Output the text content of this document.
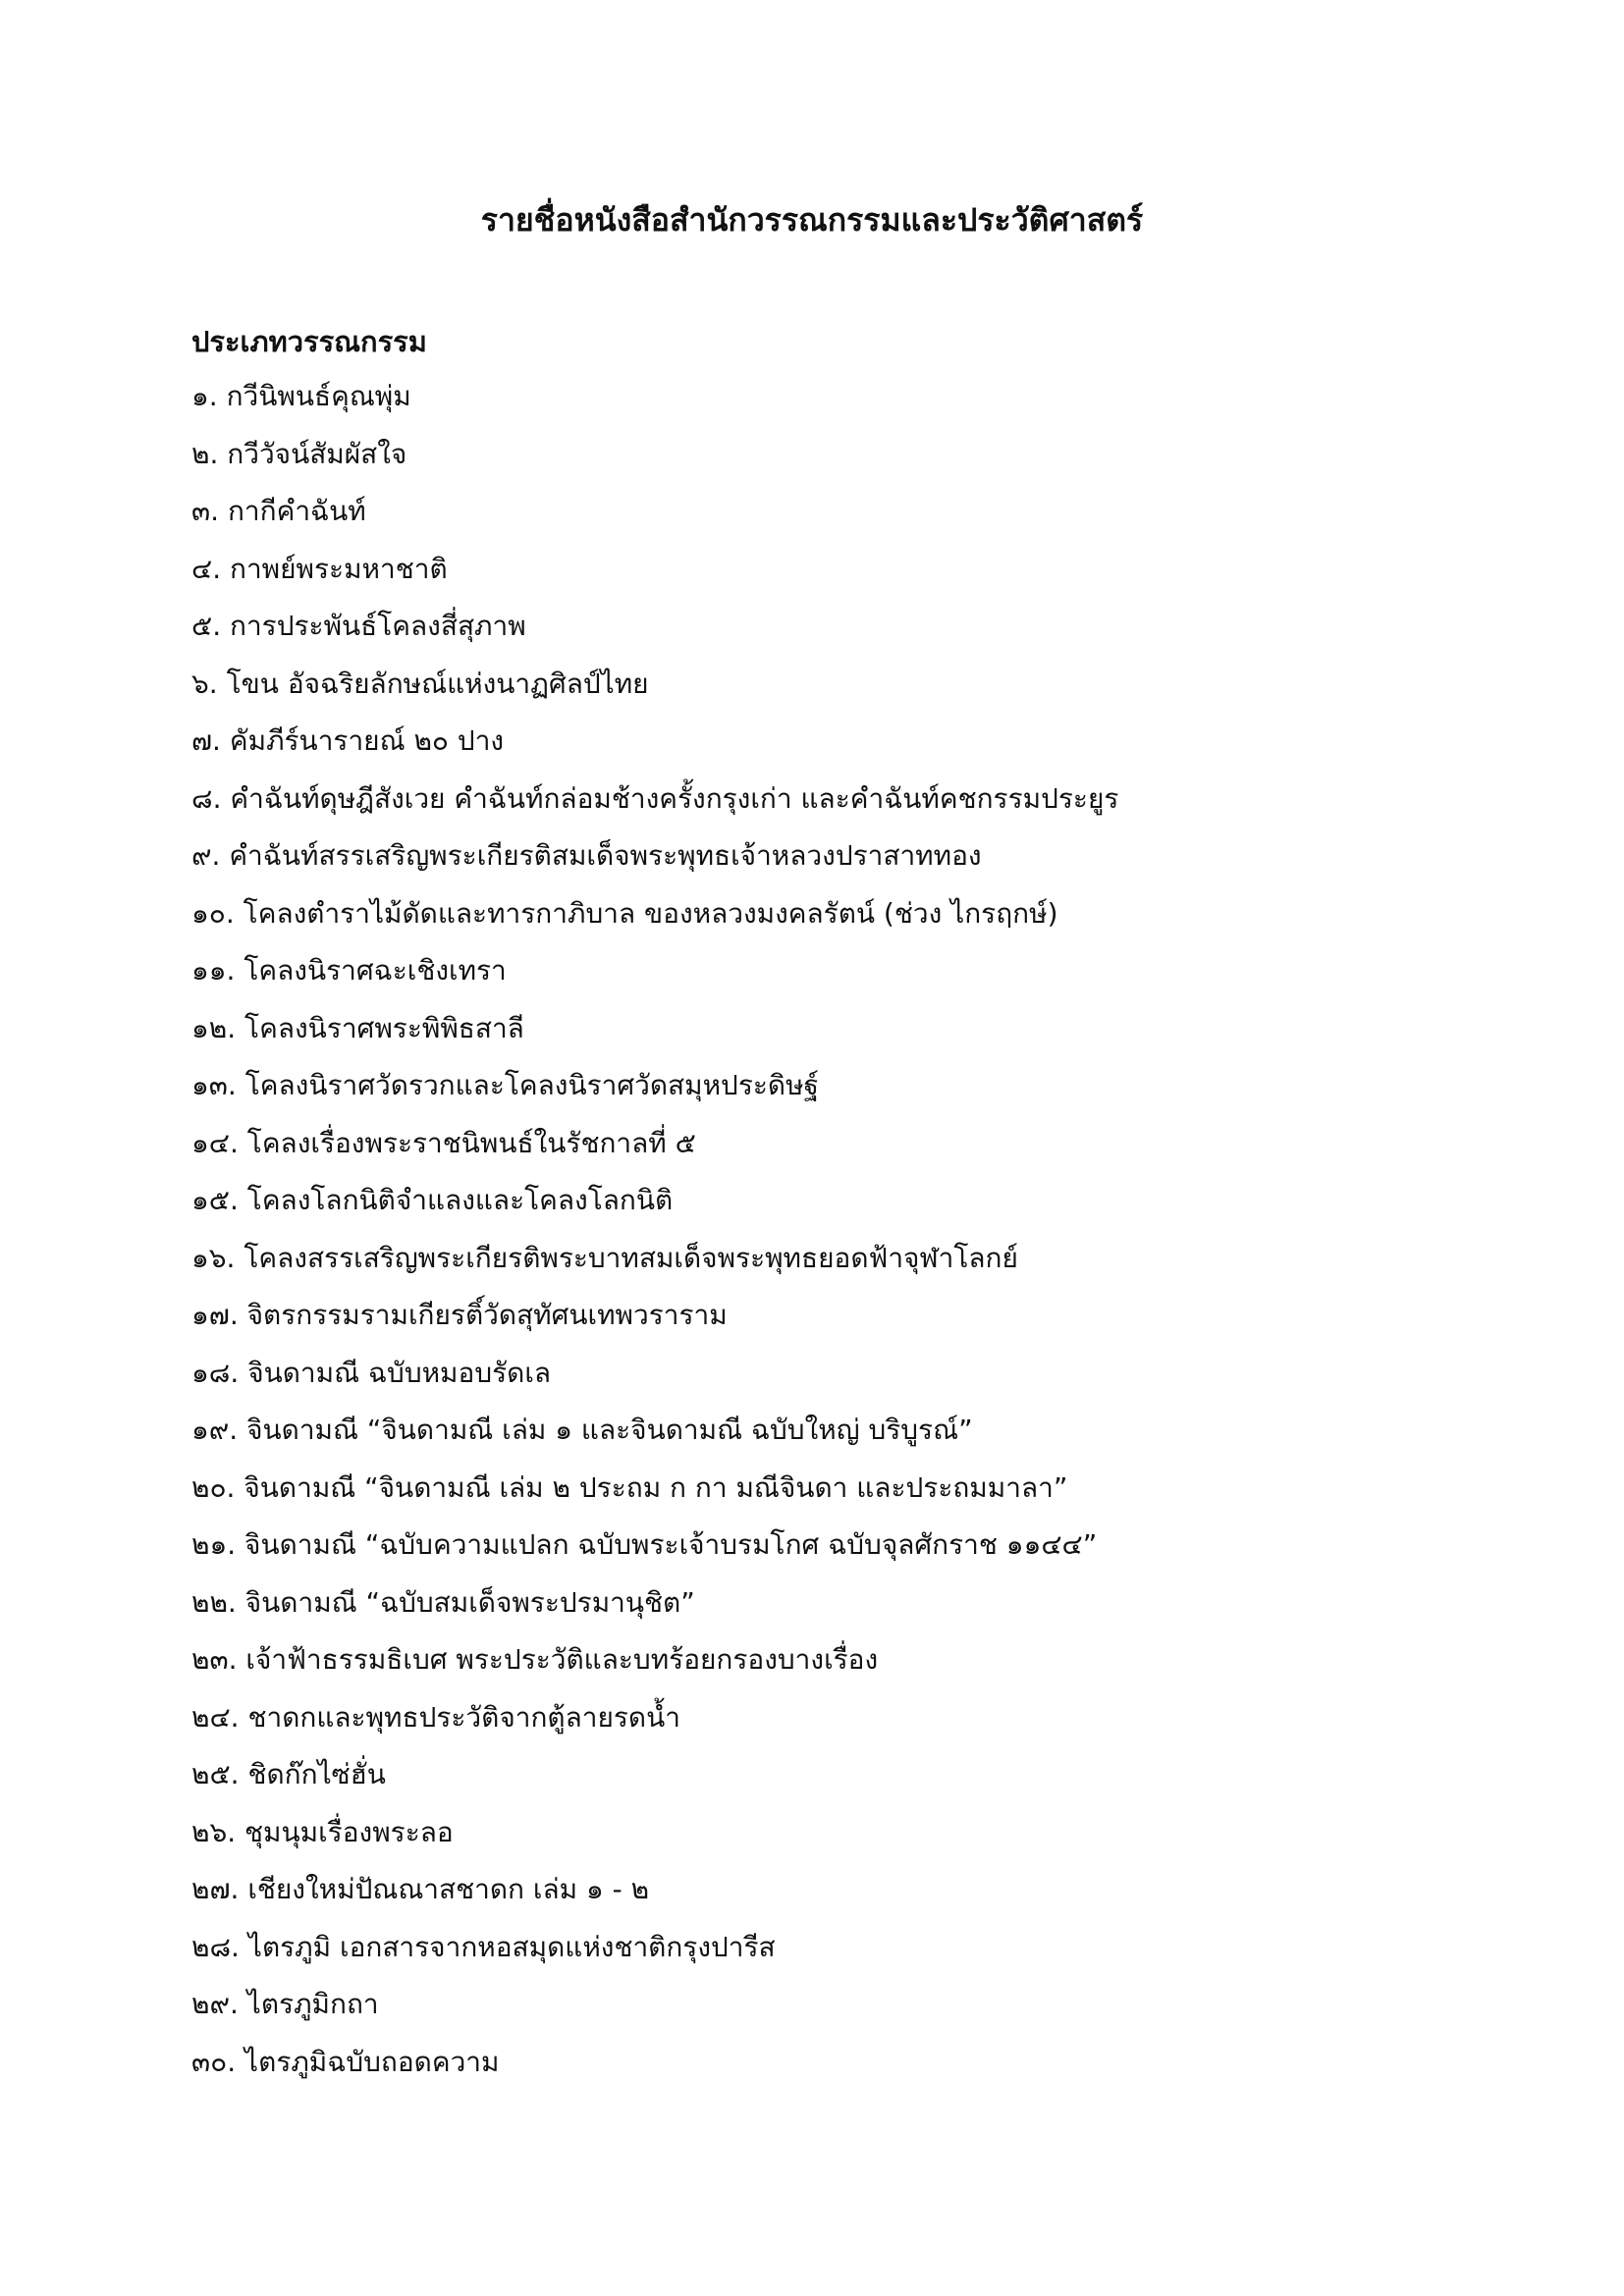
รายชื่อหนังสือสำนักวรรณกรรมและประวัติศาสตร์
ประเภทวรรณกรรม
๑. กวีนิพนธ์คุณพุ่ม
๒. กวีวัจน์สัมผัสใจ
๓. กากีคำฉันท์
๔. กาพย์พระมหาชาติ
๕. การประพันธ์โคลงสี่สุภาพ
๖. โขน อัจฉริยลักษณ์แห่งนาฏศิลป์ไทย
๗. คัมภีร์นารายณ์ ๒๐ ปาง
๘. คำฉันท์ดุษฎีสังเวย คำฉันท์กล่อมช้างครั้งกรุงเก่า และคำฉันท์คชกรรมประยูร
๙. คำฉันท์สรรเสริญพระเกียรติสมเด็จพระพุทธเจ้าหลวงปราสาททอง
๑๐. โคลงตำราไม้ดัดและทารกาภิบาล ของหลวงมงคลรัตน์ (ช่วง ไกรฤกษ์)
๑๑. โคลงนิราศฉะเชิงเทรา
๑๒. โคลงนิราศพระพิพิธสาลี
๑๓. โคลงนิราศวัดรวกและโคลงนิราศวัดสมุหประดิษฐ์
๑๔. โคลงเรื่องพระราชนิพนธ์ในรัชกาลที่ ๕
๑๕. โคลงโลกนิติจำแลงและโคลงโลกนิติ
๑๖. โคลงสรรเสริญพระเกียรติพระบาทสมเด็จพระพุทธยอดฟ้าจุฬาโลกย์
๑๗. จิตรกรรมรามเกียรติ์วัดสุทัศนเทพวราราม
๑๘. จินดามณี ฉบับหมอบรัดเล
๑๙. จินดามณี “จินดามณี เล่ม ๑ และจินดามณี ฉบับใหญ่ บริบูรณ์”
๒๐. จินดามณี “จินดามณี เล่ม ๒ ประถม ก กา มณีจินดา และประถมมาลา”
๒๑. จินดามณี “ฉบับความแปลก ฉบับพระเจ้าบรมโกศ ฉบับจุลศักราช ๑๑๔๔”
๒๒. จินดามณี “ฉบับสมเด็จพระปรมานุชิต”
๒๓. เจ้าฟ้าธรรมธิเบศ พระประวัติและบทร้อยกรองบางเรื่อง
๒๔. ชาดกและพุทธประวัติจากตู้ลายรดน้ำ
๒๕. ชิดก๊กไซ่ฮั่น
๒๖. ชุมนุมเรื่องพระลอ
๒๗. เชียงใหม่ปัณณาสชาดก เล่ม ๑ - ๒
๒๘. ไตรภูมิ เอกสารจากหอสมุดแห่งชาติกรุงปารีส
๒๙. ไตรภูมิกถา
๓๐. ไตรภูมิฉบับถอดความ
